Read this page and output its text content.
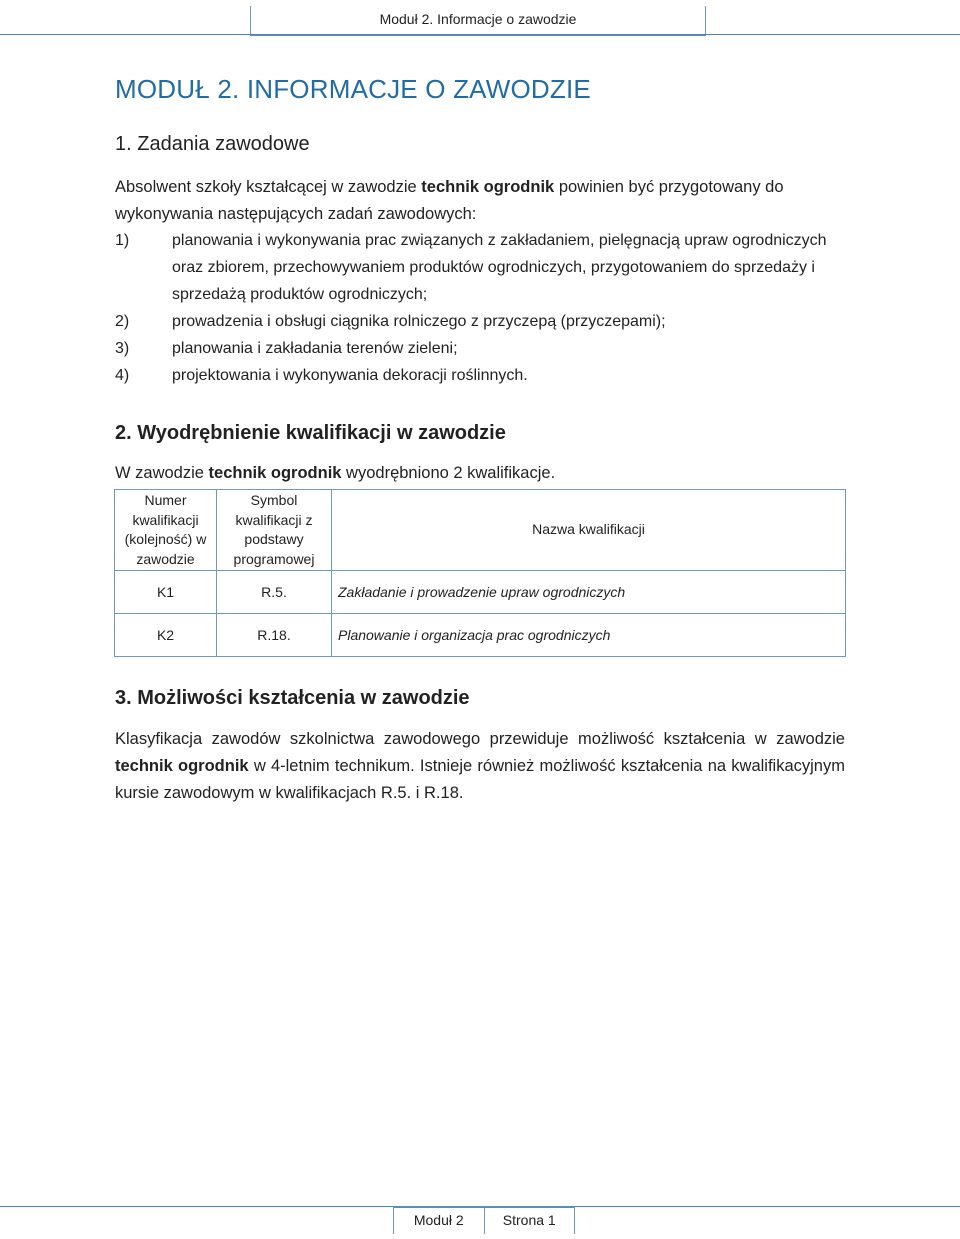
Moduł 2. Informacje o zawodzie
MODUŁ 2. INFORMACJE O ZAWODZIE
1. Zadania zawodowe

Absolwent szkoły kształcącej w zawodzie technik ogrodnik powinien być przygotowany do wykonywania następujących zadań zawodowych:

1)	planowania i wykonywania prac związanych z zakładaniem, pielęgnacją upraw ogrodniczych oraz zbiorem, przechowywaniem produktów ogrodniczych, przygotowaniem do sprzedaży i sprzedażą produktów ogrodniczych;
2)	prowadzenia i obsługi ciągnika rolniczego z przyczepą (przyczepami);
3)	planowania i zakładania terenów zieleni;
4)	projektowania i wykonywania dekoracji roślinnych.
2. Wyodrębnienie kwalifikacji w zawodzie

W zawodzie technik ogrodnik wyodrębniono 2 kwalifikacje.

Numer kwalifikacji (kolejność) w zawodzie	Symbol kwalifikacji z podstawy programowej	Nazwa kwalifikacji
K1	R.5.	Zakładanie i prowadzenie upraw ogrodniczych
K2	R.18.	Planowanie i organizacja prac ogrodniczych
3. Możliwości kształcenia w zawodzie

Klasyfikacja zawodów szkolnictwa zawodowego przewiduje możliwość kształcenia w zawodzie technik ogrodnik w 4-letnim technikum. Istnieje również możliwość kształcenia na kwalifikacyjnym kursie zawodowym w kwalifikacjach R.5. i R.18.

Moduł 2	Strona 1
